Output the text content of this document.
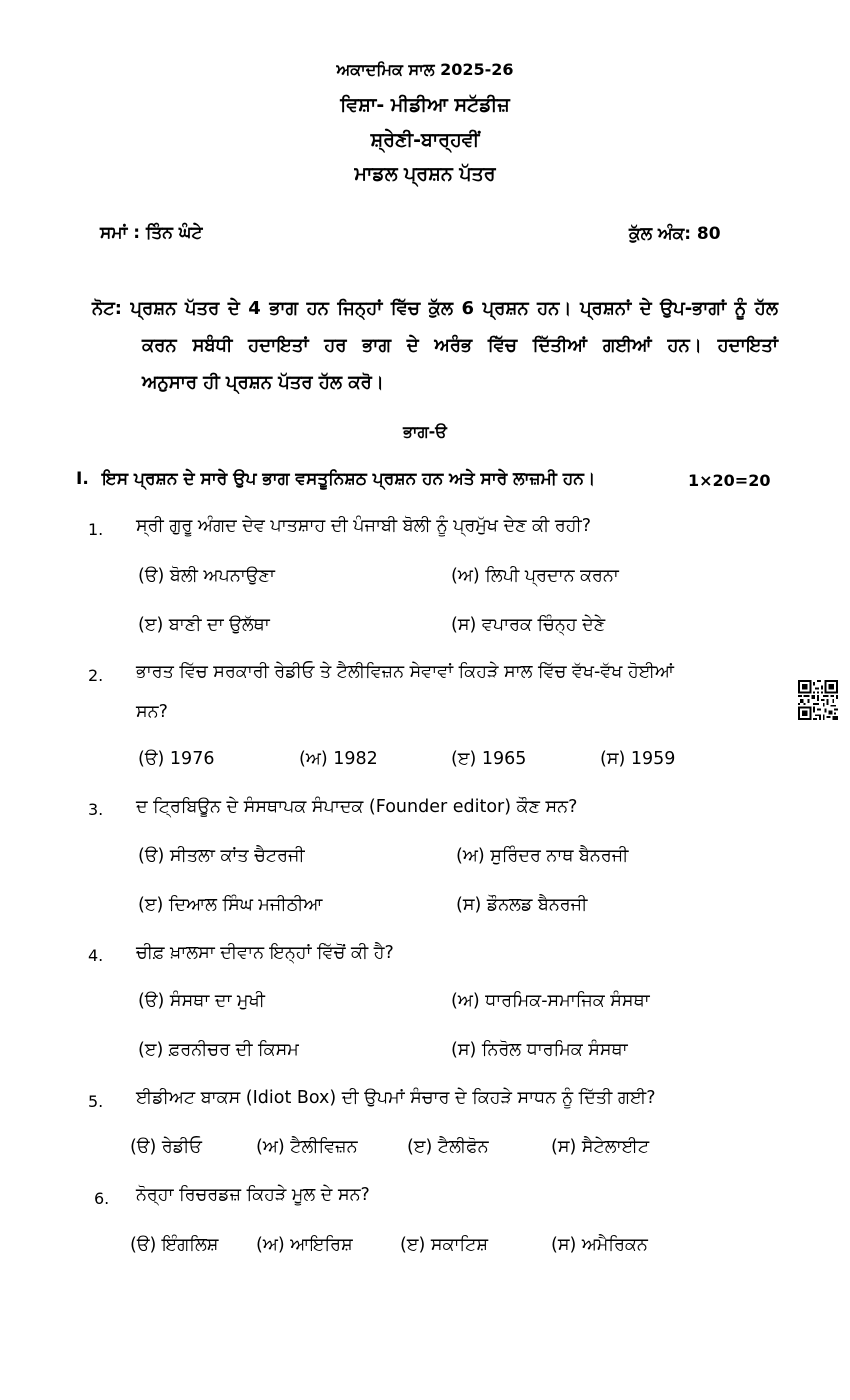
ਅਕਾਦਮਿਕ ਸਾਲ 2025-26
ਵਿਸ਼ਾ- ਮੀਡੀਆ ਸਟੱਡੀਜ਼
ਸ਼੍ਰੇਣੀ-ਬਾਰ੍ਹਵੀਂ
ਮਾਡਲ ਪ੍ਰਸ਼ਨ ਪੱਤਰ
ਸਮਾਂ : ਤਿੰਨ ਘੰਟੇ	ਕੁੱਲ ਅੰਕ: 80
ਨੋਟ: ਪ੍ਰਸ਼ਨ ਪੱਤਰ ਦੇ 4 ਭਾਗ ਹਨ ਜਿਨ੍ਹਾਂ ਵਿੱਚ ਕੁੱਲ 6 ਪ੍ਰਸ਼ਨ ਹਨ। ਪ੍ਰਸ਼ਨਾਂ ਦੇ ਉਪ-ਭਾਗਾਂ ਨੂੰ ਹੱਲ
ਕਰਨ ਸਬੰਧੀ ਹਦਾਇਤਾਂ ਹਰ ਭਾਗ ਦੇ ਅਰੰਭ ਵਿੱਚ ਦਿੱਤੀਆਂ ਗਈਆਂ ਹਨ। ਹਦਾਇਤਾਂ
ਅਨੁਸਾਰ ਹੀ ਪ੍ਰਸ਼ਨ ਪੱਤਰ ਹੱਲ ਕਰੋ।
ਭਾਗ-ੳ
I. ਇਸ ਪ੍ਰਸ਼ਨ ਦੇ ਸਾਰੇ ਉਪ ਭਾਗ ਵਸਤੂਨਿਸ਼ਠ ਪ੍ਰਸ਼ਨ ਹਨ ਅਤੇ ਸਾਰੇ ਲਾਜ਼ਮੀ ਹਨ।	1×20=20
1. ਸ੍ਰੀ ਗੁਰੂ ਅੰਗਦ ਦੇਵ ਪਾਤਸ਼ਾਹ ਦੀ ਪੰਜਾਬੀ ਬੋਲੀ ਨੂੰ ਪ੍ਰਮੁੱਖ ਦੇਣ ਕੀ ਰਹੀ?
(ੳ) ਬੋਲੀ ਅਪਨਾਉਣਾ	(ਅ) ਲਿਪੀ ਪ੍ਰਦਾਨ ਕਰਨਾ
(ੲ) ਬਾਣੀ ਦਾ ਉਲੱਥਾ	(ਸ) ਵਪਾਰਕ ਚਿੰਨ੍ਹ ਦੇਣੇ
2. ਭਾਰਤ ਵਿੱਚ ਸਰਕਾਰੀ ਰੇਡੀਓ ਤੇ ਟੈਲੀਵਿਜ਼ਨ ਸੇਵਾਵਾਂ ਕਿਹੜੇ ਸਾਲ ਵਿੱਚ ਵੱਖ-ਵੱਖ ਹੋਈਆਂ
ਸਨ?
(ੳ) 1976	(ਅ) 1982	(ੲ) 1965	(ਸ) 1959
3. ਦ ਟ੍ਰਿਬਿਊਨ ਦੇ ਸੰਸਥਾਪਕ ਸੰਪਾਦਕ (Founder editor) ਕੌਣ ਸਨ?
(ੳ) ਸੀਤਲਾ ਕਾਂਤ ਚੈਟਰਜੀ	(ਅ) ਸੁਰਿੰਦਰ ਨਾਥ ਬੈਨਰਜੀ
(ੲ) ਦਿਆਲ ਸਿੰਘ ਮਜੀਠੀਆ	(ਸ) ਡੌਨਲਡ ਬੈਨਰਜੀ
4. ਚੀਫ਼ ਖ਼ਾਲਸਾ ਦੀਵਾਨ ਇਨ੍ਹਾਂ ਵਿੱਚੋਂ ਕੀ ਹੈ?
(ੳ) ਸੰਸਥਾ ਦਾ ਮੁਖੀ	(ਅ) ਧਾਰਮਿਕ-ਸਮਾਜਿਕ ਸੰਸਥਾ
(ੲ) ਫ਼ਰਨੀਚਰ ਦੀ ਕਿਸਮ	(ਸ) ਨਿਰੋਲ ਧਾਰਮਿਕ ਸੰਸਥਾ
5. ਈਡੀਅਟ ਬਾਕਸ (Idiot Box) ਦੀ ਉਪਮਾਂ ਸੰਚਾਰ ਦੇ ਕਿਹੜੇ ਸਾਧਨ ਨੂੰ ਦਿੱਤੀ ਗਈ?
(ੳ) ਰੇਡੀਓ	(ਅ) ਟੈਲੀਵਿਜ਼ਨ	(ੲ) ਟੈਲੀਫੋਨ	(ਸ) ਸੈਟੇਲਾਈਟ
6. ਨੋਰ੍ਹਾ ਰਿਚਰਡਜ਼ ਕਿਹੜੇ ਮੂਲ ਦੇ ਸਨ?
(ੳ) ਇੰਗਲਿਸ਼ (ਅ) ਆਇਰਿਸ਼	(ੲ) ਸਕਾਟਿਸ਼	(ਸ) ਅਮੈਰਿਕਨ
